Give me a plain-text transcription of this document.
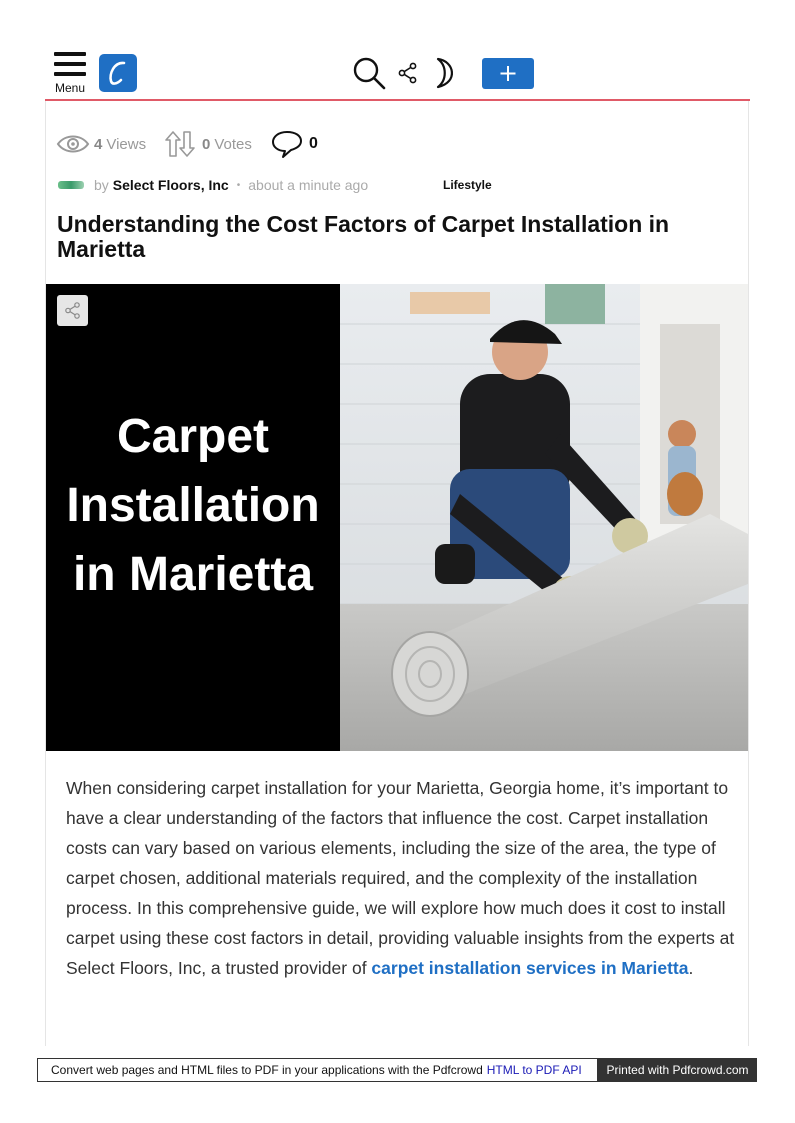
Menu
4 Views	0 Votes	0
by Select Floors, Inc • about a minute ago	Lifestyle
Understanding the Cost Factors of Carpet Installation in Marietta
Carpet
Installation
in Marietta

When considering carpet installation for your Marietta, Georgia home, it’s important to have a clear understanding of the factors that influence the cost. Carpet installation costs can vary based on various elements, including the size of the area, the type of carpet chosen, additional materials required, and the complexity of the installation process. In this comprehensive guide, we will explore how much does it cost to install carpet using these cost factors in detail, providing valuable insights from the experts at Select Floors, Inc, a trusted provider of carpet installation services in Marietta.

Convert web pages and HTML files to PDF in your applications with the Pdfcrowd HTML to PDF API	Printed with Pdfcrowd.com
